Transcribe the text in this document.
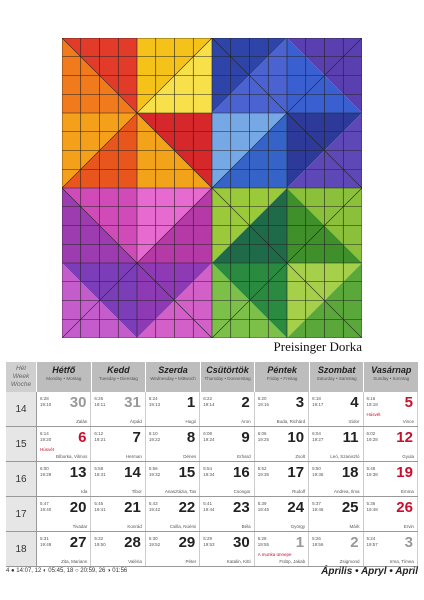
Preisinger Dorka
Hét
Week
Woche
Hétfő
Monday • Montag
Kedd
Tuesday • Dienstag
Szerda
Wednesday • Mittwoch
Csütörtök
Thursday • Donnerstag
Péntek
Friday • Freitag
Szombat
Saturday • Samstag
Vasárnap
Sunday • Sonntag
14
6:28
19:10 30
Zalán
6:26
19:11 31
Árpád
6:24
19:13 1
Hugó
6:22
19:14 2
Áron
6:20
19:16 3
Buda, Richárd
6:18
19:17 4
Izidor
6:16
19:18 5
Húsvét
Vince
15
6:14
19:20 6
Húsvét
Bíborka, Vilmos
6:12
19:21 7
Herman
6:10
19:22 8
Dénes
6:08
19:24 9
Erhard
6:06
19:25 10
Zsolt
6:04
19:27 11
Leó, Szaniszló
6:02
19:28 12
Gyula
16
6:00
19:29 13
Ida
5:58
19:31 14
Tibor
5:56
19:32 15
Anasztázia, Tas
5:54
19:34 16
Csongor
5:52
19:35 17
Rudolf
5:50
19:36 18
Andrea, Ilma
5:48
19:38 19
Emma
17
5:47
19:40 20
Tivadar
5:45
19:41 21
Konrád
5:43
19:42 22
Csilla, Noémi
5:41
19:44 23
Béla
5:39
19:45 24
György
5:37
19:46 25
Márk
5:36
19:48 26
Ervin
18
5:31
19:49 27
Zita, Mariann
5:32
19:50 28
Valéria
5:30
19:52 29
Péter
5:29
19:53 30
Katalin, Kitti
5:28
19:55 1
A munka ünnepe
Fülöp, Jakab
5:26
19:56 2
Zsigmond
5:24
19:57 3
Irma, Tímea
4 ● 14:07, 12 ◐ 05:45, 18 ○ 20:59, 26 ◑ 01:56	Április • Apryl • April
